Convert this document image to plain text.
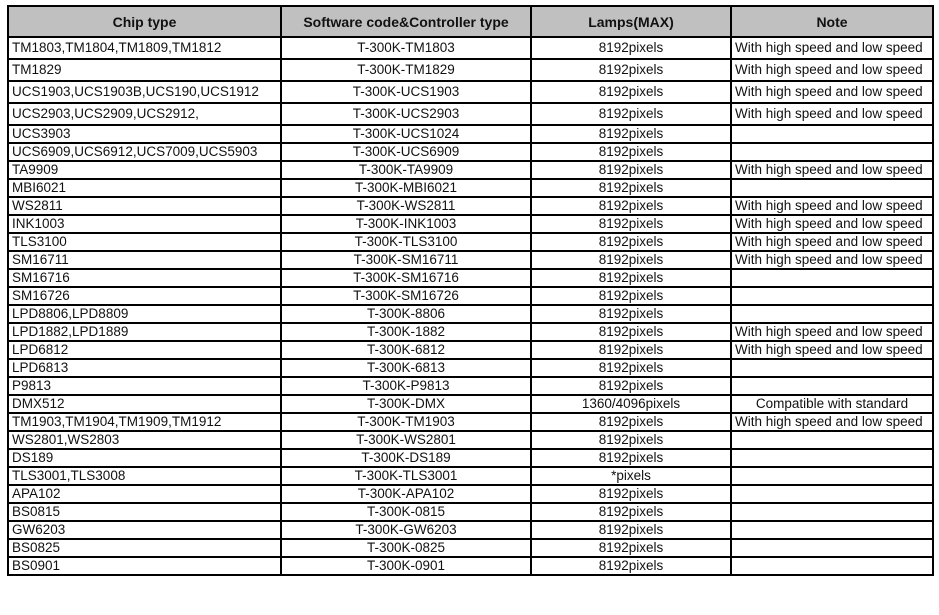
Chip type	Software code&Controller type	Lamps(MAX)	Note
TM1803,TM1804,TM1809,TM1812	T-300K-TM1803	8192pixels	With high speed and low speed
TM1829	T-300K-TM1829	8192pixels	With high speed and low speed
UCS1903,UCS1903B,UCS190,UCS1912	T-300K-UCS1903	8192pixels	With high speed and low speed
UCS2903,UCS2909,UCS2912,	T-300K-UCS2903	8192pixels	With high speed and low speed
UCS3903	T-300K-UCS1024	8192pixels	
UCS6909,UCS6912,UCS7009,UCS5903	T-300K-UCS6909	8192pixels	
TA9909	T-300K-TA9909	8192pixels	With high speed and low speed
MBI6021	T-300K-MBI6021	8192pixels	
WS2811	T-300K-WS2811	8192pixels	With high speed and low speed
INK1003	T-300K-INK1003	8192pixels	With high speed and low speed
TLS3100	T-300K-TLS3100	8192pixels	With high speed and low speed
SM16711	T-300K-SM16711	8192pixels	With high speed and low speed
SM16716	T-300K-SM16716	8192pixels	
SM16726	T-300K-SM16726	8192pixels	
LPD8806,LPD8809	T-300K-8806	8192pixels	
LPD1882,LPD1889	T-300K-1882	8192pixels	With high speed and low speed
LPD6812	T-300K-6812	8192pixels	With high speed and low speed
LPD6813	T-300K-6813	8192pixels	
P9813	T-300K-P9813	8192pixels	
DMX512	T-300K-DMX	1360/4096pixels	Compatible with standard
TM1903,TM1904,TM1909,TM1912	T-300K-TM1903	8192pixels	With high speed and low speed
WS2801,WS2803	T-300K-WS2801	8192pixels	
DS189	T-300K-DS189	8192pixels	
TLS3001,TLS3008	T-300K-TLS3001	*pixels	
APA102	T-300K-APA102	8192pixels	
BS0815	T-300K-0815	8192pixels	
GW6203	T-300K-GW6203	8192pixels	
BS0825	T-300K-0825	8192pixels	
BS0901	T-300K-0901	8192pixels	
